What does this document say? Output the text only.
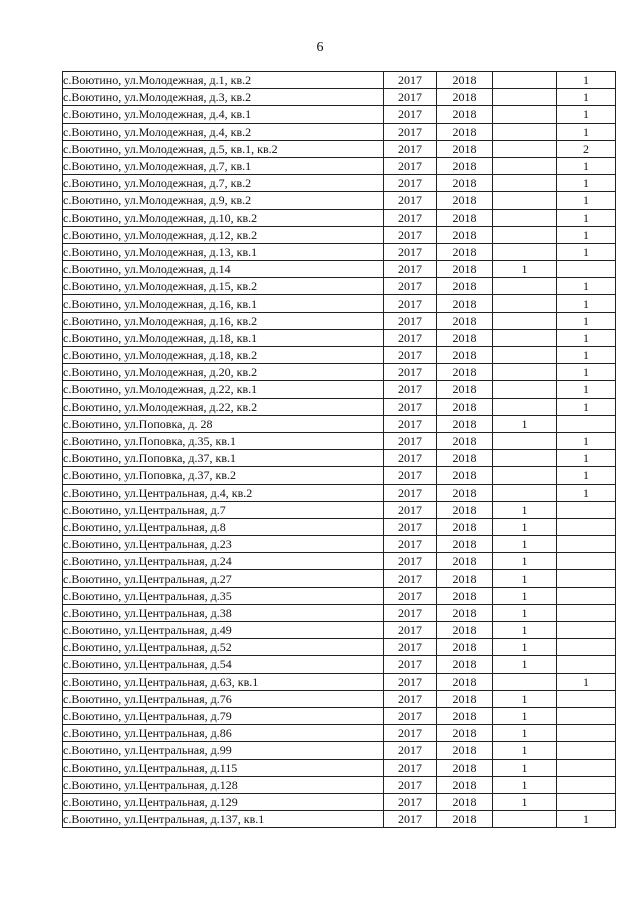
6
с.Воютино, ул.Молодежная, д.1, кв.2	2017	2018		1
с.Воютино, ул.Молодежная, д.3, кв.2	2017	2018		1
с.Воютино, ул.Молодежная, д.4, кв.1	2017	2018		1
с.Воютино, ул.Молодежная, д.4, кв.2	2017	2018		1
с.Воютино, ул.Молодежная, д.5, кв.1, кв.2	2017	2018		2
с.Воютино, ул.Молодежная, д.7, кв.1	2017	2018		1
с.Воютино, ул.Молодежная, д.7, кв.2	2017	2018		1
с.Воютино, ул.Молодежная, д.9, кв.2	2017	2018		1
с.Воютино, ул.Молодежная, д.10, кв.2	2017	2018		1
с.Воютино, ул.Молодежная, д.12, кв.2	2017	2018		1
с.Воютино, ул.Молодежная, д.13, кв.1	2017	2018		1
с.Воютино, ул.Молодежная, д.14	2017	2018	1	
с.Воютино, ул.Молодежная, д.15, кв.2	2017	2018		1
с.Воютино, ул.Молодежная, д.16, кв.1	2017	2018		1
с.Воютино, ул.Молодежная, д.16, кв.2	2017	2018		1
с.Воютино, ул.Молодежная, д.18, кв.1	2017	2018		1
с.Воютино, ул.Молодежная, д.18, кв.2	2017	2018		1
с.Воютино, ул.Молодежная, д.20, кв.2	2017	2018		1
с.Воютино, ул.Молодежная, д.22, кв.1	2017	2018		1
с.Воютино, ул.Молодежная, д.22, кв.2	2017	2018		1
с.Воютино, ул.Поповка, д. 28	2017	2018	1	
с.Воютино, ул.Поповка, д.35, кв.1	2017	2018		1
с.Воютино, ул.Поповка, д.37, кв.1	2017	2018		1
с.Воютино, ул.Поповка, д.37, кв.2	2017	2018		1
с.Воютино, ул.Центральная, д.4, кв.2	2017	2018		1
с.Воютино, ул.Центральная, д.7	2017	2018	1	
с.Воютино, ул.Центральная, д.8	2017	2018	1	
с.Воютино, ул.Центральная, д.23	2017	2018	1	
с.Воютино, ул.Центральная, д.24	2017	2018	1	
с.Воютино, ул.Центральная, д.27	2017	2018	1	
с.Воютино, ул.Центральная, д.35	2017	2018	1	
с.Воютино, ул.Центральная, д.38	2017	2018	1	
с.Воютино, ул.Центральная, д.49	2017	2018	1	
с.Воютино, ул.Центральная, д.52	2017	2018	1	
с.Воютино, ул.Центральная, д.54	2017	2018	1	
с.Воютино, ул.Центральная, д.63, кв.1	2017	2018		1
с.Воютино, ул.Центральная, д.76	2017	2018	1	
с.Воютино, ул.Центральная, д.79	2017	2018	1	
с.Воютино, ул.Центральная, д.86	2017	2018	1	
с.Воютино, ул.Центральная, д.99	2017	2018	1	
с.Воютино, ул.Центральная, д.115	2017	2018	1	
с.Воютино, ул.Центральная, д.128	2017	2018	1	
с.Воютино, ул.Центральная, д.129	2017	2018	1	
с.Воютино, ул.Центральная, д.137, кв.1	2017	2018		1
